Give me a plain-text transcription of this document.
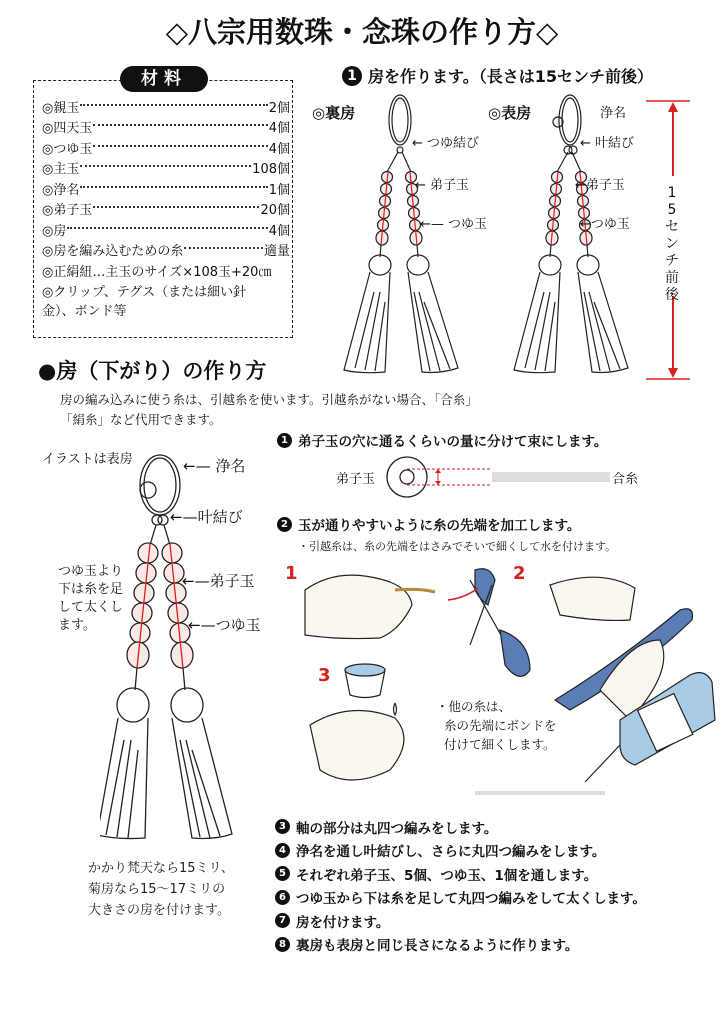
◇八宗用数珠・念珠の作り方◇
材料
◎親玉	2個
◎四天玉	4個
◎つゆ玉	4個
◎主玉	108個
◎浄名	1個
◎弟子玉	20個
◎房	4個
◎房を編み込むための糸	適量
◎正絹紐…主玉のサイズ×108玉+20㎝
◎クリップ、テグス（または細い針金）、ボンド等
1 房を作ります。（長さは15センチ前後）
◎裏房	◎表房
← つゆ結び
← 弟子玉
←— つゆ玉
浄名
← 叶結び
←弟子玉
←つゆ玉
15センチ前後
●房（下がり）の作り方
房の編み込みに使う糸は、引越糸を使います。引越糸がない場合、「合糸」「絹糸」など代用できます。
イラストは表房	←— 浄名
←—叶結び
←—弟子玉
←—つゆ玉
つゆ玉より下は糸を足して太くします。
かかり梵天なら15ミリ、
菊房なら15〜17ミリの
大きさの房を付けます。
1 弟子玉の穴に通るくらいの量に分けて束にします。
弟子玉	合糸
2 玉が通りやすいように糸の先端を加工します。
・引越糸は、糸の先端をはさみでそいで細くして水を付けます。
1	2
3
・他の糸は、
糸の先端にボンドを
付けて細くします。
3 軸の部分は丸四つ編みをします。
4 浄名を通し叶結びし、さらに丸四つ編みをします。
5 それぞれ弟子玉、5個、つゆ玉、1個を通します。
6 つゆ玉から下は糸を足して丸四つ編みをして太くします。
7 房を付けます。
8 裏房も表房と同じ長さになるように作ります。
